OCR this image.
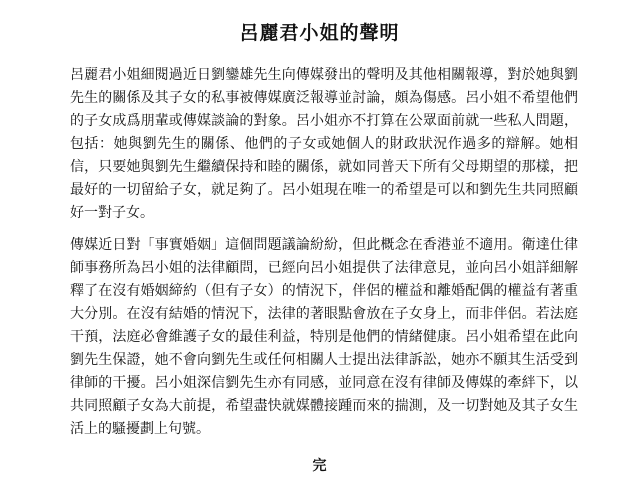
呂麗君小姐的聲明

呂麗君小姐細閱過近日劉鑾雄先生向傳媒發出的聲明及其他相關報導，對於她與劉先生的關係及其子女的私事被傳媒廣泛報導並討論，頗為傷感。呂小姐不希望他們的子女成爲朋輩或傳媒談論的對象。呂小姐亦不打算在公眾面前就一些私人問題，包括：她與劉先生的關係、他們的子女或她個人的財政狀況作過多的辯解。她相信，只要她與劉先生繼續保持和睦的關係，就如同普天下所有父母期望的那樣，把最好的一切留給子女，就足夠了。呂小姐現在唯一的希望是可以和劉先生共同照顧好一對子女。

傳媒近日對「事實婚姻」這個問題議論紛紛，但此概念在香港並不適用。衛達仕律師事務所為呂小姐的法律顧問，已經向呂小姐提供了法律意見，並向呂小姐詳細解釋了在沒有婚姻締約（但有子女）的情況下，伴侶的權益和離婚配偶的權益有著重大分別。在沒有結婚的情況下，法律的著眼點會放在子女身上，而非伴侶。若法庭干預，法庭必會維護子女的最佳利益，特別是他們的情緒健康。呂小姐希望在此向劉先生保證，她不會向劉先生或任何相關人士提出法律訴訟，她亦不願其生活受到律師的干擾。呂小姐深信劉先生亦有同感，並同意在沒有律師及傳媒的牽絆下，以共同照顧子女為大前提，希望盡快就媒體接踵而來的揣測，及一切對她及其子女生活上的騷擾劃上句號。

完
